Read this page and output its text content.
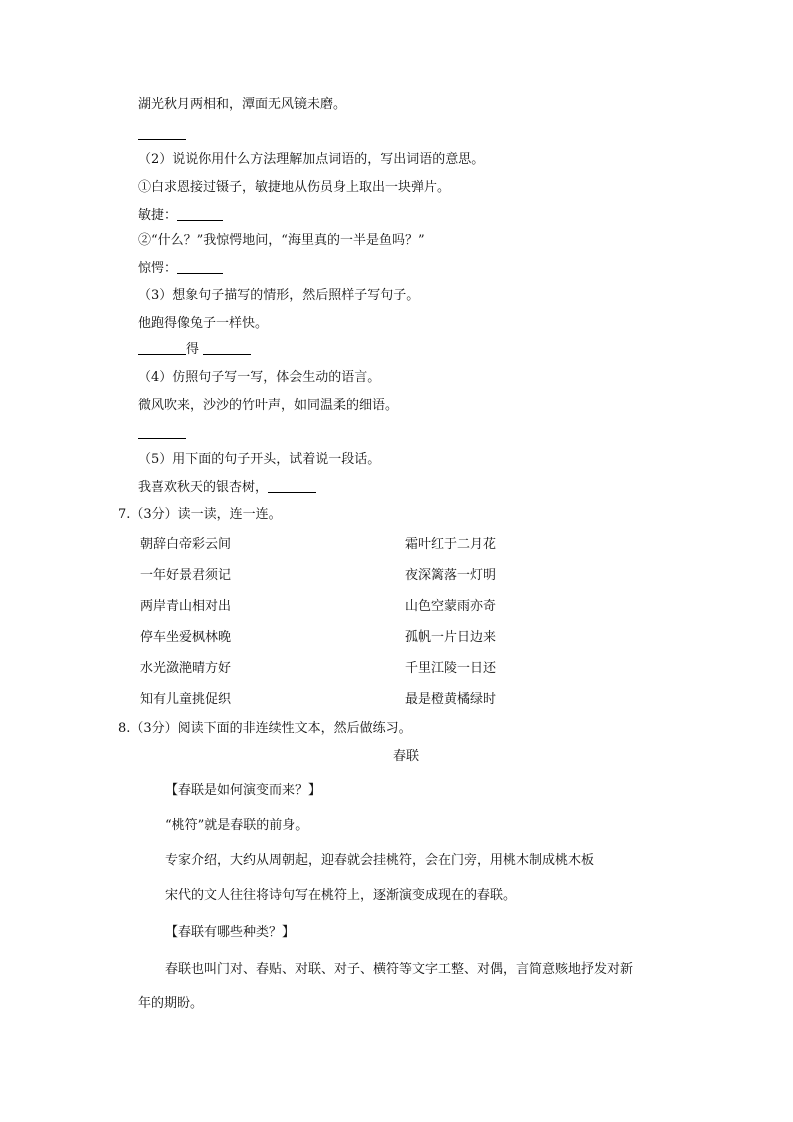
湖光秋月两相和，潭面无风镜未磨。
（2）说说你用什么方法理解加点词语的，写出词语的意思。
①白求恩接过镊子，敏捷地从伤员身上取出一块弹片。
敏捷：
②“什么？”我惊愕地问，“海里真的一半是鱼吗？”
惊愕：
（3）想象句子描写的情形，然后照样子写句子。
他跑得像兔子一样快。
得
（4）仿照句子写一写，体会生动的语言。
微风吹来，沙沙的竹叶声，如同温柔的细语。
（5）用下面的句子开头，试着说一段话。
我喜欢秋天的银杏树，
7.（3分）读一读，连一连。
朝辞白帝彩云间
一年好景君须记
两岸青山相对出
停车坐爱枫林晚
水光潋滟晴方好
知有儿童挑促织
霜叶红于二月花
夜深篱落一灯明
山色空蒙雨亦奇
孤帆一片日边来
千里江陵一日还
最是橙黄橘绿时
8.（3分）阅读下面的非连续性文本，然后做练习。
春联
【春联是如何演变而来？】
“桃符”就是春联的前身。
专家介绍，大约从周朝起，迎春就会挂桃符，会在门旁，用桃木制成桃木板
宋代的文人往往将诗句写在桃符上，逐渐演变成现在的春联。
【春联有哪些种类？】
春联也叫门对、春贴、对联、对子、横符等文字工整、对偶，言简意赅地抒发对新
年的期盼。
